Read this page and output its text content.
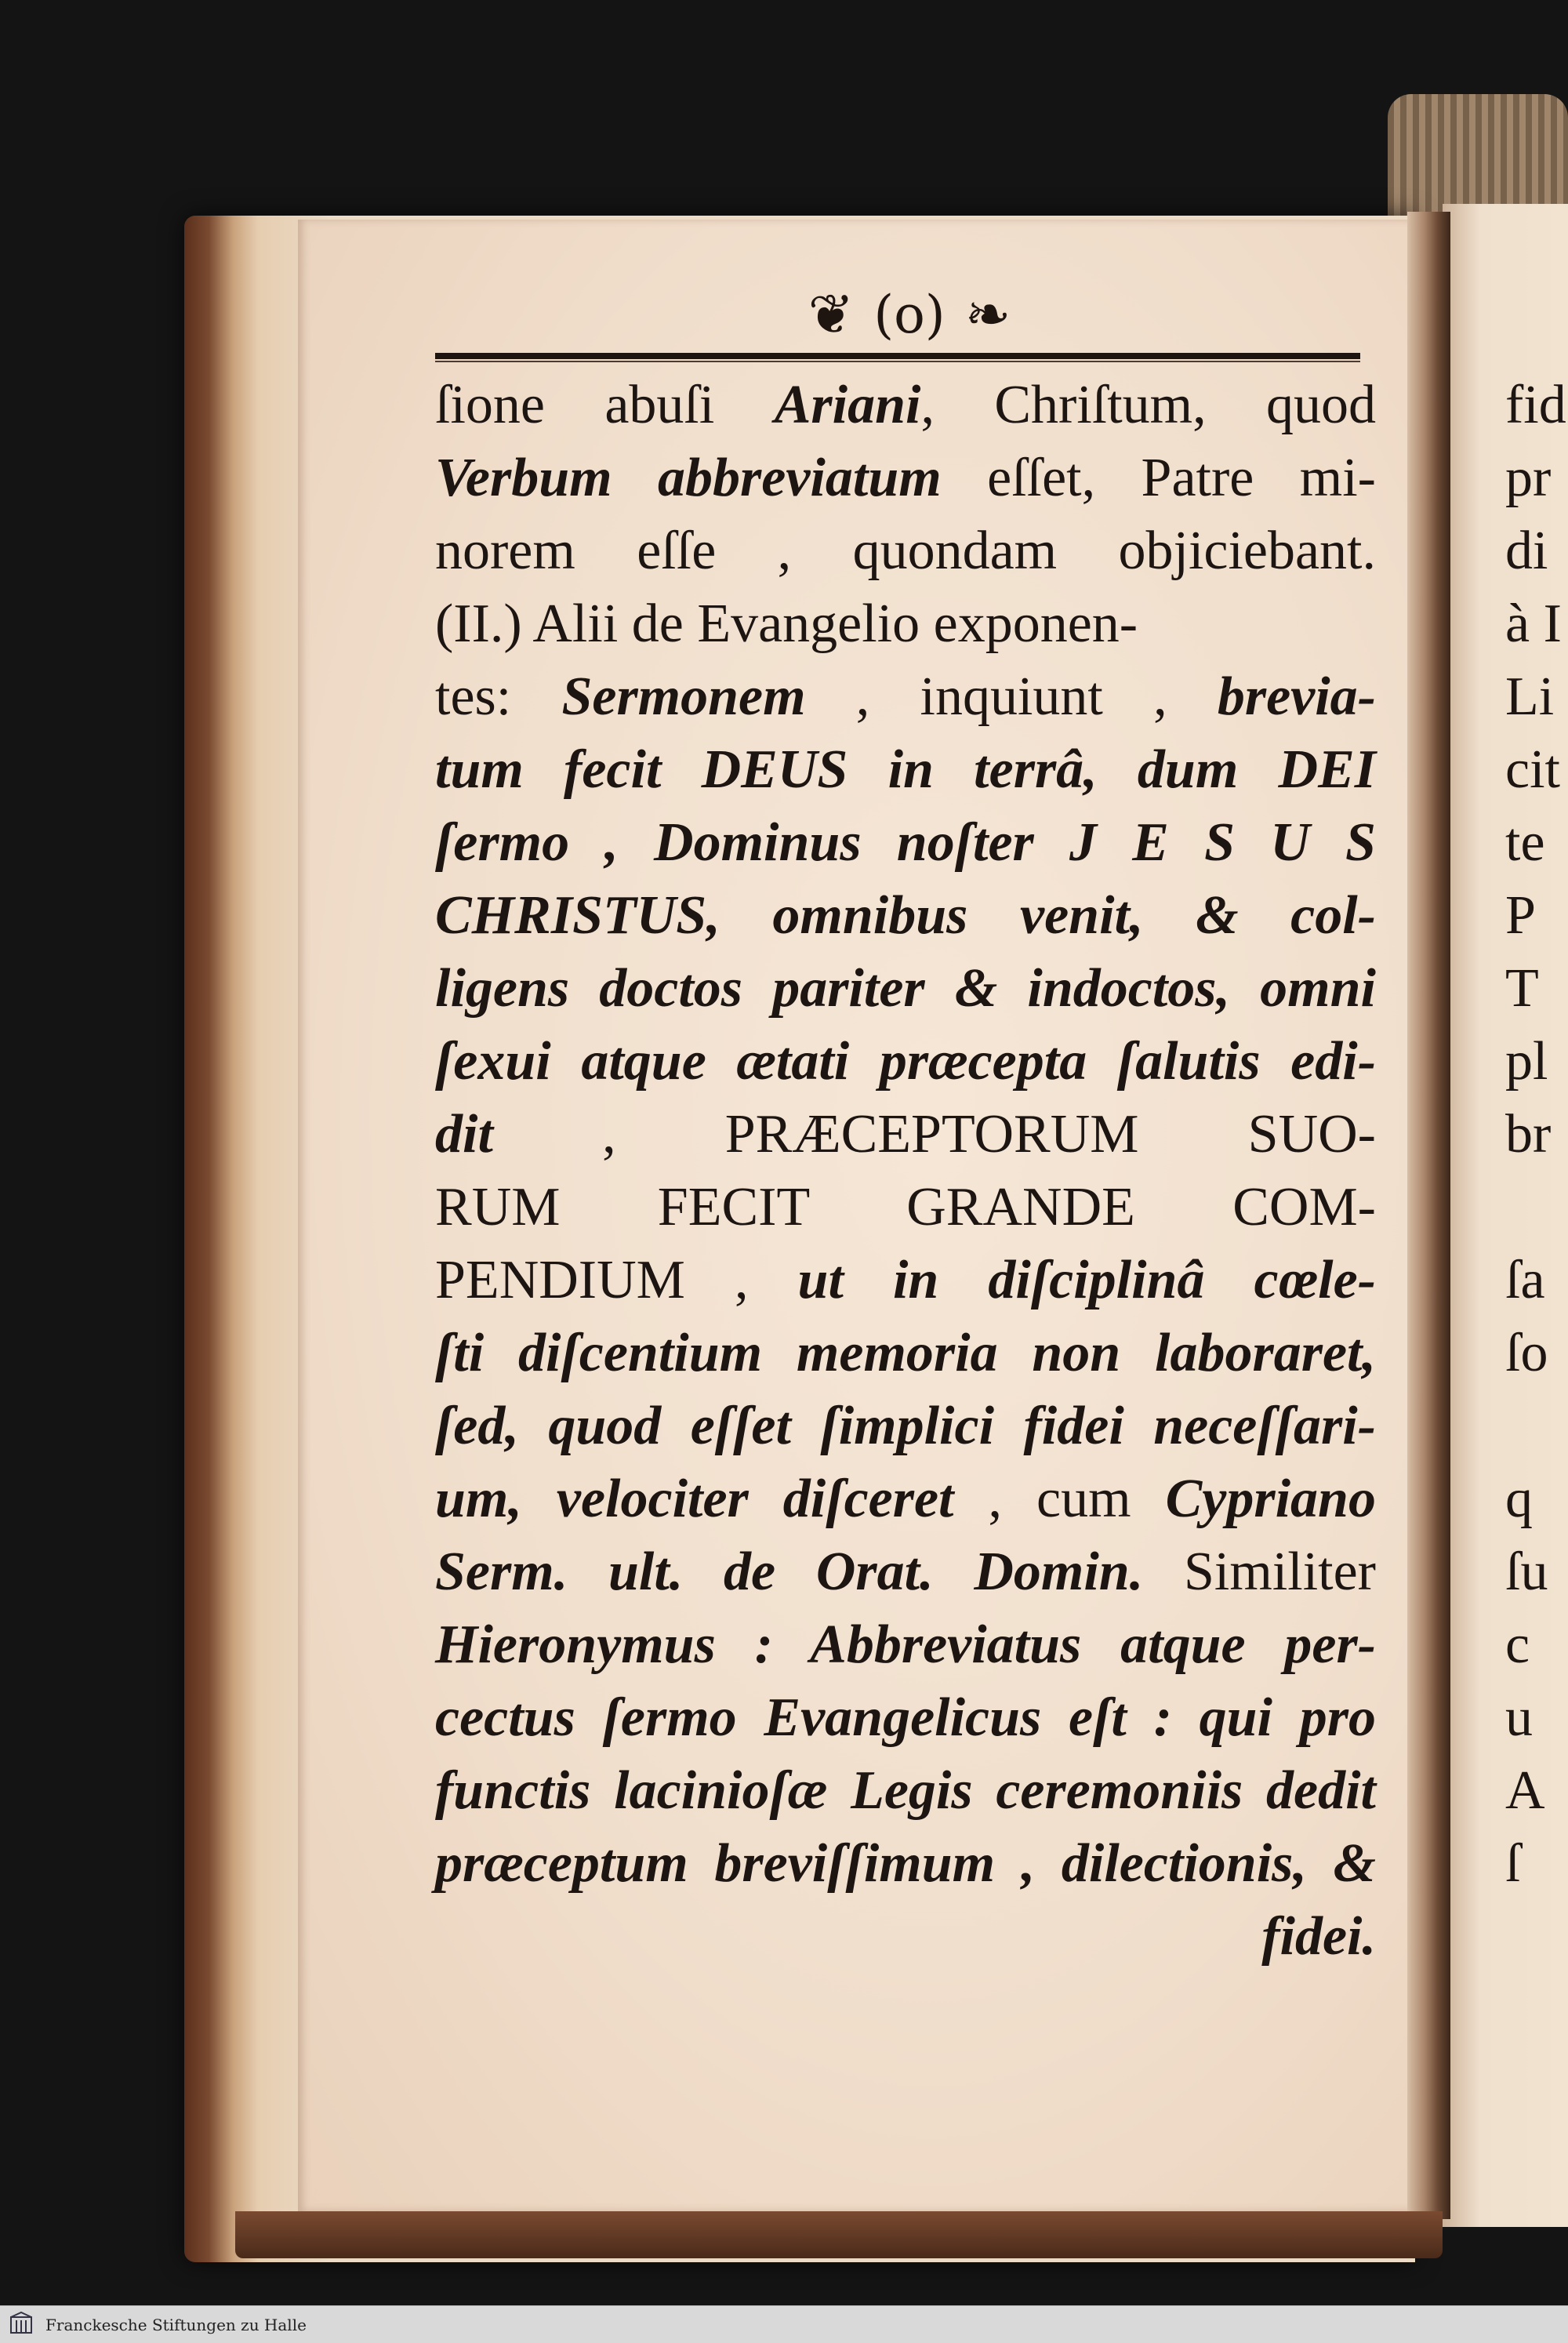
❦ (o) ❧
ſione abuſi Ariani, Chriſtum, quod
Verbum abbreviatum eſſet, Patre mi-
norem eſſe , quondam objiciebant.
(II.) Alii de Evangelio exponen-
tes: Sermonem , inquiunt , brevia-
tum fecit DEUS in terrâ, dum DEI
ſermo , Dominus noſter J E S U S
CHRISTUS, omnibus venit, & col-
ligens doctos pariter & indoctos, omni
ſexui atque ætati præcepta ſalutis edi-
dit , PRÆCEPTORUM SUO-
RUM FECIT GRANDE COM-
PENDIUM , ut in diſciplinâ cœle-
ſti diſcentium memoria non laboraret,
ſed, quod eſſet ſimplici fidei neceſſari-
um, velociter diſceret , cum Cypriano
Serm. ult. de Orat. Domin. Similiter
Hieronymus : Abbreviatus atque per-
cectus ſermo Evangelicus eſt : qui pro
functis lacinioſæ Legis ceremoniis dedit
præceptum breviſſimum , dilectionis, &
fidei.
fid
pr
di
à I
Li
cit
te
P
T
pl
br
ſa
ſo
q
ſu
c
u
A
ſ
Franckesche Stiftungen zu Halle
